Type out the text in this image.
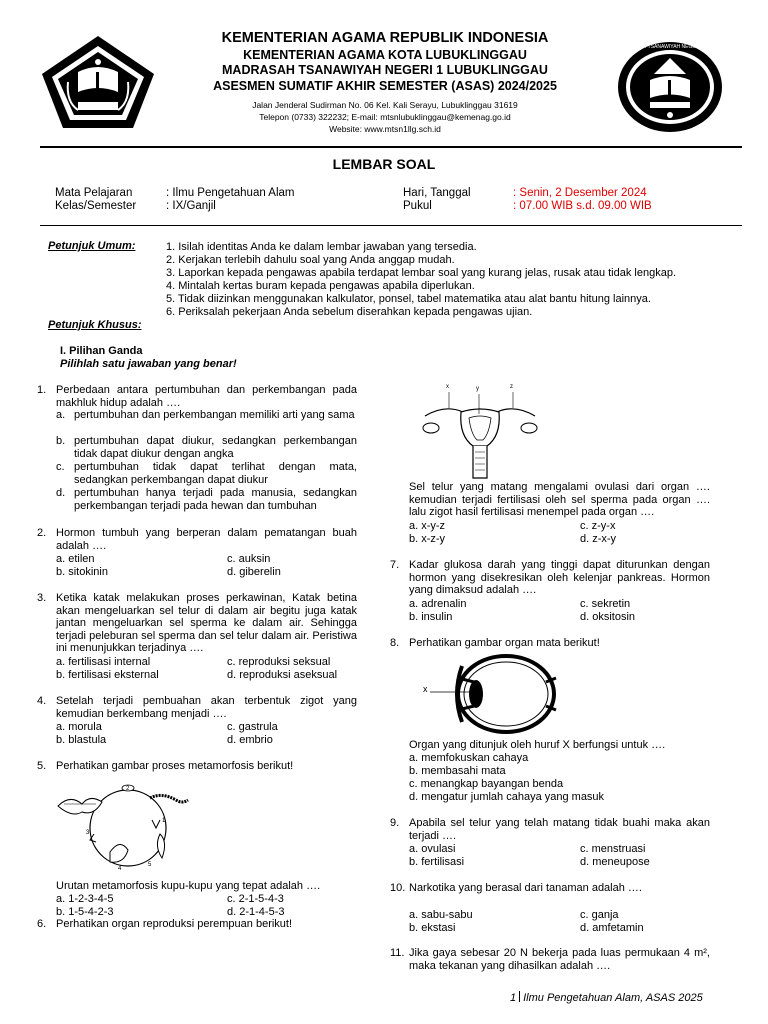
IKHLAS BERAMAL
MADRASAH TSANAWIYAH NEGERI 1 LUBUKLINGGAU
KEMENTERIAN AGAMA REPUBLIK INDONESIA
KEMENTERIAN AGAMA KOTA LUBUKLINGGAU
MADRASAH TSANAWIYAH NEGERI 1 LUBUKLINGGAU
ASESMEN SUMATIF AKHIR SEMESTER (ASAS) 2024/2025
Jalan Jenderal Sudirman No. 06 Kel. Kali Serayu, Lubuklinggau 31619
Telepon (0733) 322232; E-mail: mtsnlubuklinggau@kemenag.go.id
Website: www.mtsn1llg.sch.id
LEMBAR SOAL
Mata Pelajaran	: Ilmu Pengetahuan Alam
Kelas/Semester	: IX/Ganjil
Hari, Tanggal	: Senin, 2 Desember 2024
Pukul	: 07.00 WIB s.d. 09.00 WIB
Petunjuk Umum:	1. Isilah identitas Anda ke dalam lembar jawaban yang tersedia.
2. Kerjakan terlebih dahulu soal yang Anda anggap mudah.
3. Laporkan kepada pengawas apabila terdapat lembar soal yang kurang jelas, rusak atau tidak lengkap.
4. Mintalah kertas buram kepada pengawas apabila diperlukan.
5. Tidak diizinkan menggunakan kalkulator, ponsel, tabel matematika atau alat bantu hitung lainnya.
6. Periksalah pekerjaan Anda sebelum diserahkan kepada pengawas ujian.
Petunjuk Khusus:
I. Pilihan Ganda
Pilihlah satu jawaban yang benar!
1. Perbedaan antara pertumbuhan dan perkembangan pada makhluk hidup adalah ….
a. pertumbuhan dan perkembangan memiliki arti yang sama
b. pertumbuhan dapat diukur, sedangkan perkembangan tidak dapat diukur dengan angka
c. pertumbuhan tidak dapat terlihat dengan mata, sedangkan perkembangan dapat diukur
d. pertumbuhan hanya terjadi pada manusia, sedangkan perkembangan terjadi pada hewan dan tumbuhan
2. Hormon tumbuh yang berperan dalam pematangan buah adalah ….
a. etilen
b. sitokinin
c. auksin
d. giberelin
3. Ketika katak melakukan proses perkawinan, Katak betina akan mengeluarkan sel telur di dalam air begitu juga katak jantan mengeluarkan sel sperma ke dalam air. Sehingga terjadi peleburan sel sperma dan sel telur dalam air. Peristiwa ini menunjukkan terjadinya ….
a. fertilisasi internal
b. fertilisasi eksternal
c. reproduksi seksual
d. reproduksi aseksual
4. Setelah terjadi pembuahan akan terbentuk zigot yang kemudian berkembang menjadi ….
a. morula
b. blastula
c. gastrula
d. embrio
5. Perhatikan gambar proses metamorfosis berikut!
2
1
3
5
4
Urutan metamorfosis kupu-kupu yang tepat adalah ….
a. 1-2-3-4-5
b. 1-5-4-2-3
c. 2-1-5-4-3
d. 2-1-4-5-3
6. Perhatikan organ reproduksi perempuan berikut!
x	y	z
Sel telur yang matang mengalami ovulasi dari organ …. kemudian terjadi fertilisasi oleh sel sperma pada organ …. lalu zigot hasil fertilisasi menempel pada organ ….
a. x-y-z
b. x-z-y
c. z-y-x
d. z-x-y
7. Kadar glukosa darah yang tinggi dapat diturunkan dengan hormon yang disekresikan oleh kelenjar pankreas. Hormon yang dimaksud adalah ….
a. adrenalin
b. insulin
c. sekretin
d. oksitosin
8. Perhatikan gambar organ mata berikut!
x
Organ yang ditunjuk oleh huruf X berfungsi untuk ….
a. memfokuskan cahaya
b. membasahi mata
c. menangkap bayangan benda
d. mengatur jumlah cahaya yang masuk
9. Apabila sel telur yang telah matang tidak buahi maka akan terjadi ….
a. ovulasi
b. fertilisasi
c. menstruasi
d. meneupose
10. Narkotika yang berasal dari tanaman adalah ….
a. sabu-sabu
b. ekstasi
c. ganja
d. amfetamin
11. Jika gaya sebesar 20 N bekerja pada luas permukaan 4 m², maka tekanan yang dihasilkan adalah ….
1 Ilmu Pengetahuan Alam, ASAS 2025
